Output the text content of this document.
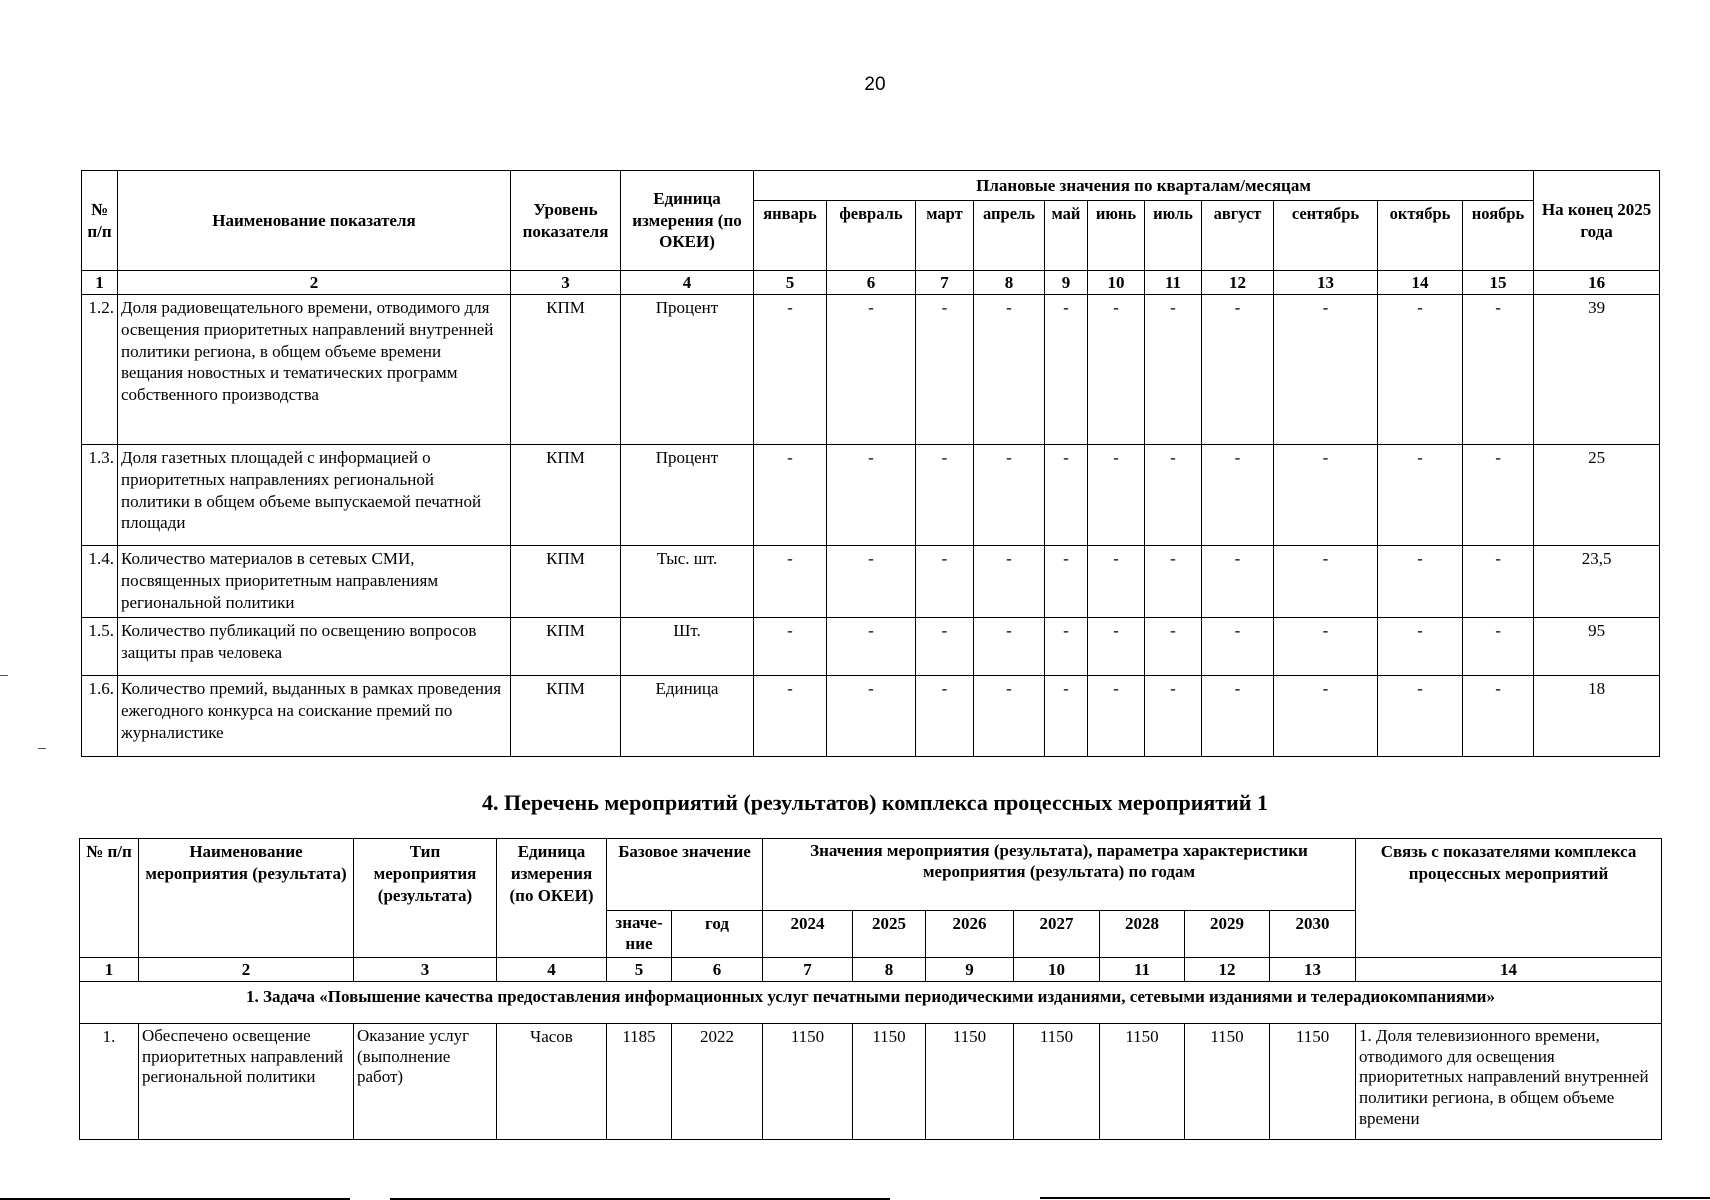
20
№ п/п	Наименование показателя	Уровень показателя	Единица измерения (по ОКЕИ)	Плановые значения по кварталам/месяцам											На конец 2025 года
				январь	февраль	март	апрель	май	июнь	июль	август	сентябрь	октябрь	ноябрь	
1	2	3	4	5	6	7	8	9	10	11	12	13	14	15	16
1.2.	Доля радиовещательного времени, отводимого для освещения приоритетных направлений внутренней политики региона, в общем объеме времени вещания новостных и тематических программ собственного производства	КПМ	Процент	-	-	-	-	-	-	-	-	-	-	-	39
1.3.	Доля газетных площадей с информацией о приоритетных направлениях региональной политики в общем объеме выпускаемой печатной площади	КПМ	Процент	-	-	-	-	-	-	-	-	-	-	-	25
1.4.	Количество материалов в сетевых СМИ, посвященных приоритетным направлениям региональной политики	КПМ	Тыс. шт.	-	-	-	-	-	-	-	-	-	-	-	23,5
1.5.	Количество публикаций по освещению вопросов защиты прав человека	КПМ	Шт.	-	-	-	-	-	-	-	-	-	-	-	95
1.6.	Количество премий, выданных в рамках проведения ежегодного конкурса на соискание премий по журналистике	КПМ	Единица	-	-	-	-	-	-	-	-	-	-	-	18
4. Перечень мероприятий (результатов) комплекса процессных мероприятий 1
№ п/п	Наименование мероприятия (результата)	Тип мероприятия (результата)	Единица измерения (по ОКЕИ)	Базовое значение		Значения мероприятия (результата), параметра характеристики мероприятия (результата) по годам							Связь с показателями комплекса процессных мероприятий
				значе-ние	год	2024	2025	2026	2027	2028	2029	2030	
1	2	3	4	5	6	7	8	9	10	11	12	13	14
1. Задача «Повышение качества предоставления информационных услуг печатными периодическими изданиями, сетевыми изданиями и телерадиокомпаниями»													
1.	Обеспечено освещение приоритетных направлений региональной политики	Оказание услуг (выполнение работ)	Часов	1185	2022	1150	1150	1150	1150	1150	1150	1150	1. Доля телевизионного времени, отводимого для освещения приоритетных направлений внутренней политики региона, в общем объеме времени
